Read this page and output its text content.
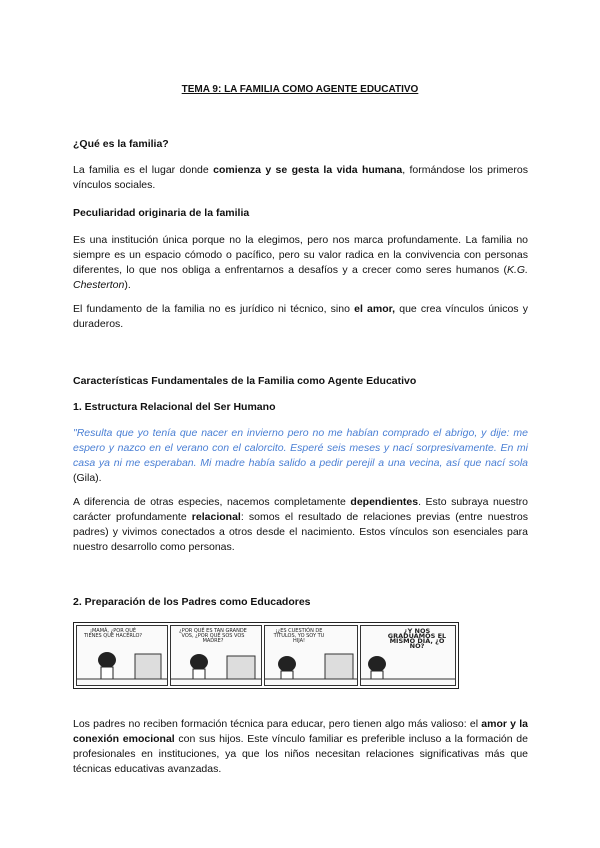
TEMA 9: LA FAMILIA COMO AGENTE EDUCATIVO
¿Qué es la familia?
La familia es el lugar donde comienza y se gesta la vida humana, formándose los primeros vínculos sociales.
Peculiaridad originaria de la familia
Es una institución única porque no la elegimos, pero nos marca profundamente. La familia no siempre es un espacio cómodo o pacífico, pero su valor radica en la convivencia con personas diferentes, lo que nos obliga a enfrentarnos a desafíos y a crecer como seres humanos (K.G. Chesterton).
El fundamento de la familia no es jurídico ni técnico, sino el amor, que crea vínculos únicos y duraderos.
Características Fundamentales de la Familia como Agente Educativo
1. Estructura Relacional del Ser Humano
"Resulta que yo tenía que nacer en invierno pero no me habían comprado el abrigo, y dije: me espero y nazco en el verano con el calorcito. Esperé seis meses y nací sorpresivamente. En mi casa ya ni me esperaban. Mi madre había salido a pedir perejil a una vecina, así que nací sola (Gila).
A diferencia de otras especies, nacemos completamente dependientes. Esto subraya nuestro carácter profundamente relacional: somos el resultado de relaciones previas (entre nuestros padres) y vivimos conectados a otros desde el nacimiento. Estos vínculos son esenciales para nuestro desarrollo como personas.
2. Preparación de los Padres como Educadores
¡MAMÁ, ¿POR QUÉ TIENES QUE HACERLO?
¿POR QUÉ ES TAN GRANDE VOS, ¿POR QUÉ SOS VOS MADRE?
¡¿ES CUESTIÓN DE TÍTULOS, YO SOY TU HIJA!
¿Y NOS GRADUAMOS EL MISMO DÍA, ¿O NO?
Los padres no reciben formación técnica para educar, pero tienen algo más valioso: el amor y la conexión emocional con sus hijos. Este vínculo familiar es preferible incluso a la formación de profesionales en instituciones, ya que los niños necesitan relaciones significativas más que técnicas educativas avanzadas.
